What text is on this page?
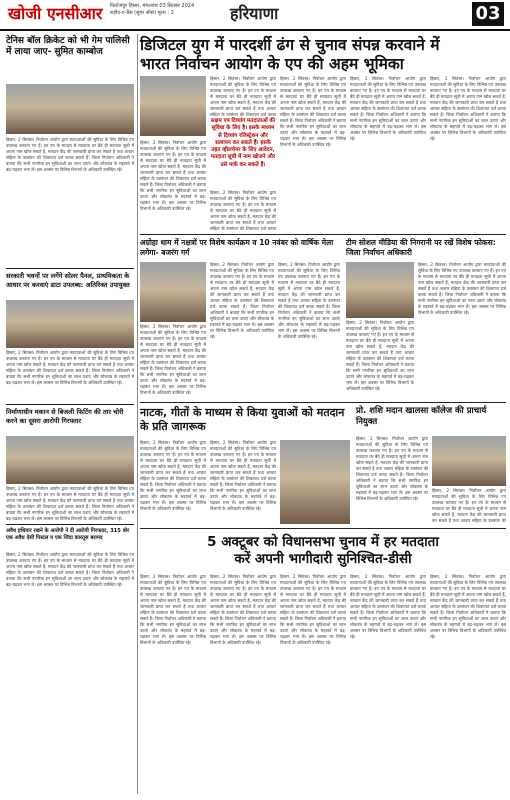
खोजी एनसीआर फिरोजपुर हिसार, मंगलवार 03 सितंबर 2024
शहीद-ए-ग्रैस (सुपर सीस) मूल्य : 2	हरियाणा	03
डिजिटल युग में पारदर्शी ढंग से चुनाव संपन्न करवाने में
भारत निर्वाचन आयोग के एप की अहम भूमिका
टेनिस बॉल क्रिकेट को भी गेम पालिसी में लाया जाए- सुमित काम्बोज
हिसार, 2 सितंबर। निर्वाचन आयोग द्वारा मतदाताओं की सुविधा के लिए विभिन्न एप उपलब्ध करवाए गए हैं। इन एप के माध्यम से मतदाता घर बैठे ही मतदाता सूची में अपना नाम खोज सकते हैं, मतदान केंद्र की जानकारी प्राप्त कर सकते हैं तथा आचार संहिता के उल्लंघन की शिकायत दर्ज करवा सकते हैं। जिला निर्वाचन अधिकारी ने बताया कि सभी नागरिक इन सुविधाओं का लाभ उठाएं और लोकतंत्र के महापर्व में बढ़-चढ़कर भाग लें। इस अवसर पर विभिन्न विभागों के अधिकारी उपस्थित रहे।
हिसार, 2 सितंबर। निर्वाचन आयोग द्वारा मतदाताओं की सुविधा के लिए विभिन्न एप उपलब्ध करवाए गए हैं। इन एप के माध्यम से मतदाता घर बैठे ही मतदाता सूची में अपना नाम खोज सकते हैं, मतदान केंद्र की जानकारी प्राप्त कर सकते हैं तथा आचार संहिता के उल्लंघन की शिकायत दर्ज करवा सकते हैं। जिला निर्वाचन अधिकारी ने बताया कि सभी नागरिक इन सुविधाओं का लाभ उठाएं और लोकतंत्र के महापर्व में बढ़-चढ़कर भाग लें। इस अवसर पर विभिन्न विभागों के अधिकारी उपस्थित रहे।
हिसार, 2 सितंबर। निर्वाचन आयोग द्वारा मतदाताओं की सुविधा के लिए विभिन्न एप उपलब्ध करवाए गए हैं। इन एप के माध्यम से मतदाता घर बैठे ही मतदाता सूची में अपना नाम खोज सकते हैं, मतदान केंद्र की जानकारी प्राप्त कर सकते हैं तथा आचार संहिता के उल्लंघन की शिकायत दर्ज करवा
सक्षम एप दिव्यांग मतदाताओं की सुविधा के लिए है। इसके माध्यम से दिव्यांग रजिस्ट्रेशन और सत्यापन कर सकते हैं। इसके तहत व्हीलचेयर के लिए आवेदन, मतदाता सूची में नाम खोजने और उसे मार्क कर सकते हैं।
हिसार, 2 सितंबर। निर्वाचन आयोग द्वारा मतदाताओं की सुविधा के लिए विभिन्न एप उपलब्ध करवाए गए हैं। इन एप के माध्यम से मतदाता घर बैठे ही मतदाता सूची में अपना नाम खोज सकते हैं, मतदान केंद्र की जानकारी प्राप्त कर सकते हैं तथा आचार संहिता के उल्लंघन की शिकायत दर्ज करवा
हिसार, 2 सितंबर। निर्वाचन आयोग द्वारा मतदाताओं की सुविधा के लिए विभिन्न एप उपलब्ध करवाए गए हैं। इन एप के माध्यम से मतदाता घर बैठे ही मतदाता सूची में अपना नाम खोज सकते हैं, मतदान केंद्र की जानकारी प्राप्त कर सकते हैं तथा आचार संहिता के उल्लंघन की शिकायत दर्ज करवा सकते हैं। जिला निर्वाचन अधिकारी ने बताया कि सभी नागरिक इन सुविधाओं का लाभ उठाएं और लोकतंत्र के महापर्व में बढ़-चढ़कर भाग लें। इस अवसर पर विभिन्न विभागों के अधिकारी उपस्थित रहे।
हिसार, 2 सितंबर। निर्वाचन आयोग द्वारा मतदाताओं की सुविधा के लिए विभिन्न एप उपलब्ध करवाए गए हैं। इन एप के माध्यम से मतदाता घर बैठे ही मतदाता सूची में अपना नाम खोज सकते हैं, मतदान केंद्र की जानकारी प्राप्त कर सकते हैं तथा आचार संहिता के उल्लंघन की शिकायत दर्ज करवा सकते हैं। जिला निर्वाचन अधिकारी ने बताया कि सभी नागरिक इन सुविधाओं का लाभ उठाएं और लोकतंत्र के महापर्व में बढ़-चढ़कर भाग लें। इस अवसर पर विभिन्न विभागों के अधिकारी उपस्थित रहे।
हिसार, 2 सितंबर। निर्वाचन आयोग द्वारा मतदाताओं की सुविधा के लिए विभिन्न एप उपलब्ध करवाए गए हैं। इन एप के माध्यम से मतदाता घर बैठे ही मतदाता सूची में अपना नाम खोज सकते हैं, मतदान केंद्र की जानकारी प्राप्त कर सकते हैं तथा आचार संहिता के उल्लंघन की शिकायत दर्ज करवा सकते हैं। जिला निर्वाचन अधिकारी ने बताया कि सभी नागरिक इन सुविधाओं का लाभ उठाएं और लोकतंत्र के महापर्व में बढ़-चढ़कर भाग लें। इस अवसर पर विभिन्न विभागों के अधिकारी उपस्थित रहे।
सरकारी भवनों पर लगेंगे सोलर पैनल, प्राथमिकता के आधार पर करवाएं डाटा उपलब्ध: अतिरिक्त उपायुक्त
हिसार, 2 सितंबर। निर्वाचन आयोग द्वारा मतदाताओं की सुविधा के लिए विभिन्न एप उपलब्ध करवाए गए हैं। इन एप के माध्यम से मतदाता घर बैठे ही मतदाता सूची में अपना नाम खोज सकते हैं, मतदान केंद्र की जानकारी प्राप्त कर सकते हैं तथा आचार संहिता के उल्लंघन की शिकायत दर्ज करवा सकते हैं। जिला निर्वाचन अधिकारी ने बताया कि सभी नागरिक इन सुविधाओं का लाभ उठाएं और लोकतंत्र के महापर्व में बढ़-चढ़कर भाग लें। इस अवसर पर विभिन्न विभागों के अधिकारी उपस्थित रहे।
निर्माणाधीन मकान से बिजली फिटिंग की तार चोरी करने का दूसरा आरोपी गिरफ्तार
हिसार, 2 सितंबर। निर्वाचन आयोग द्वारा मतदाताओं की सुविधा के लिए विभिन्न एप उपलब्ध करवाए गए हैं। इन एप के माध्यम से मतदाता घर बैठे ही मतदाता सूची में अपना नाम खोज सकते हैं, मतदान केंद्र की जानकारी प्राप्त कर सकते हैं तथा आचार संहिता के उल्लंघन की शिकायत दर्ज करवा सकते हैं। जिला निर्वाचन अधिकारी ने बताया कि सभी नागरिक इन सुविधाओं का लाभ उठाएं और लोकतंत्र के महापर्व में बढ़-चढ़कर भाग लें। इस अवसर पर विभिन्न विभागों के अधिकारी उपस्थित रहे।
अवैध हथियार रखने के आरोपी ने दी आरोपी गिरफ्तार, 315 बोर एक अवैध देसी पिस्टल व एक जिंदा कारतूस बरामद
हिसार, 2 सितंबर। निर्वाचन आयोग द्वारा मतदाताओं की सुविधा के लिए विभिन्न एप उपलब्ध करवाए गए हैं। इन एप के माध्यम से मतदाता घर बैठे ही मतदाता सूची में अपना नाम खोज सकते हैं, मतदान केंद्र की जानकारी प्राप्त कर सकते हैं तथा आचार संहिता के उल्लंघन की शिकायत दर्ज करवा सकते हैं। जिला निर्वाचन अधिकारी ने बताया कि सभी नागरिक इन सुविधाओं का लाभ उठाएं और लोकतंत्र के महापर्व में बढ़-चढ़कर भाग लें। इस अवसर पर विभिन्न विभागों के अधिकारी उपस्थित रहे।
अग्रोहा धाम में नक्षत्रों पर विशेष कार्यक्रम व 10 नवंबर को वार्षिक मेला लगेगा- बजरंग गर्ग
हिसार, 2 सितंबर। निर्वाचन आयोग द्वारा मतदाताओं की सुविधा के लिए विभिन्न एप उपलब्ध करवाए गए हैं। इन एप के माध्यम से मतदाता घर बैठे ही मतदाता सूची में अपना नाम खोज सकते हैं, मतदान केंद्र की जानकारी प्राप्त कर सकते हैं तथा आचार संहिता के उल्लंघन की शिकायत दर्ज करवा सकते हैं। जिला निर्वाचन अधिकारी ने बताया कि सभी नागरिक इन सुविधाओं का लाभ उठाएं और लोकतंत्र के महापर्व में बढ़-चढ़कर भाग लें। इस अवसर पर विभिन्न विभागों के अधिकारी उपस्थित रहे।
हिसार, 2 सितंबर। निर्वाचन आयोग द्वारा मतदाताओं की सुविधा के लिए विभिन्न एप उपलब्ध करवाए गए हैं। इन एप के माध्यम से मतदाता घर बैठे ही मतदाता सूची में अपना नाम खोज सकते हैं, मतदान केंद्र की जानकारी प्राप्त कर सकते हैं तथा आचार संहिता के उल्लंघन की शिकायत दर्ज करवा सकते हैं। जिला निर्वाचन अधिकारी ने बताया कि सभी नागरिक इन सुविधाओं का लाभ उठाएं और लोकतंत्र के महापर्व में बढ़-चढ़कर भाग लें। इस अवसर पर विभिन्न विभागों के अधिकारी उपस्थित रहे।
हिसार, 2 सितंबर। निर्वाचन आयोग द्वारा मतदाताओं की सुविधा के लिए विभिन्न एप उपलब्ध करवाए गए हैं। इन एप के माध्यम से मतदाता घर बैठे ही मतदाता सूची में अपना नाम खोज सकते हैं, मतदान केंद्र की जानकारी प्राप्त कर सकते हैं तथा आचार संहिता के उल्लंघन की शिकायत दर्ज करवा सकते हैं। जिला निर्वाचन अधिकारी ने बताया कि सभी नागरिक इन सुविधाओं का लाभ उठाएं और लोकतंत्र के महापर्व में बढ़-चढ़कर भाग लें। इस अवसर पर विभिन्न विभागों के अधिकारी उपस्थित रहे।
टीम सोशल मीडिया की निगरानी पर रखें विशेष फोकस: जिला निर्वाचन अधिकारी
हिसार, 2 सितंबर। निर्वाचन आयोग द्वारा मतदाताओं की सुविधा के लिए विभिन्न एप उपलब्ध करवाए गए हैं। इन एप के माध्यम से मतदाता घर बैठे ही मतदाता सूची में अपना नाम खोज सकते हैं, मतदान केंद्र की जानकारी प्राप्त कर सकते हैं तथा आचार संहिता के उल्लंघन की शिकायत दर्ज करवा सकते हैं। जिला निर्वाचन अधिकारी ने बताया कि सभी नागरिक इन सुविधाओं का लाभ उठाएं और लोकतंत्र के महापर्व में बढ़-चढ़कर भाग लें। इस अवसर पर विभिन्न विभागों के अधिकारी उपस्थित रहे।
हिसार, 2 सितंबर। निर्वाचन आयोग द्वारा मतदाताओं की सुविधा के लिए विभिन्न एप उपलब्ध करवाए गए हैं। इन एप के माध्यम से मतदाता घर बैठे ही मतदाता सूची में अपना नाम खोज सकते हैं, मतदान केंद्र की जानकारी प्राप्त कर सकते हैं तथा आचार संहिता के उल्लंघन की शिकायत दर्ज करवा सकते हैं। जिला निर्वाचन अधिकारी ने बताया कि सभी नागरिक इन सुविधाओं का लाभ उठाएं और लोकतंत्र के महापर्व में बढ़-चढ़कर भाग लें। इस अवसर पर विभिन्न विभागों के अधिकारी उपस्थित रहे।
नाटक, गीतों के माध्यम से किया युवाओं को मतदान के प्रति जागरूक
हिसार, 2 सितंबर। निर्वाचन आयोग द्वारा मतदाताओं की सुविधा के लिए विभिन्न एप उपलब्ध करवाए गए हैं। इन एप के माध्यम से मतदाता घर बैठे ही मतदाता सूची में अपना नाम खोज सकते हैं, मतदान केंद्र की जानकारी प्राप्त कर सकते हैं तथा आचार संहिता के उल्लंघन की शिकायत दर्ज करवा सकते हैं। जिला निर्वाचन अधिकारी ने बताया कि सभी नागरिक इन सुविधाओं का लाभ उठाएं और लोकतंत्र के महापर्व में बढ़-चढ़कर भाग लें। इस अवसर पर विभिन्न विभागों के अधिकारी उपस्थित रहे।
हिसार, 2 सितंबर। निर्वाचन आयोग द्वारा मतदाताओं की सुविधा के लिए विभिन्न एप उपलब्ध करवाए गए हैं। इन एप के माध्यम से मतदाता घर बैठे ही मतदाता सूची में अपना नाम खोज सकते हैं, मतदान केंद्र की जानकारी प्राप्त कर सकते हैं तथा आचार संहिता के उल्लंघन की शिकायत दर्ज करवा सकते हैं। जिला निर्वाचन अधिकारी ने बताया कि सभी नागरिक इन सुविधाओं का लाभ उठाएं और लोकतंत्र के महापर्व में बढ़-चढ़कर भाग लें। इस अवसर पर विभिन्न विभागों के अधिकारी उपस्थित रहे।
प्रो. शशि मदान खालसा कॉलेज की प्राचार्य नियुक्त
हिसार, 2 सितंबर। निर्वाचन आयोग द्वारा मतदाताओं की सुविधा के लिए विभिन्न एप उपलब्ध करवाए गए हैं। इन एप के माध्यम से मतदाता घर बैठे ही मतदाता सूची में अपना नाम खोज सकते हैं, मतदान केंद्र की जानकारी प्राप्त कर सकते हैं तथा आचार संहिता के उल्लंघन की शिकायत दर्ज करवा सकते हैं। जिला निर्वाचन अधिकारी ने बताया कि सभी नागरिक इन सुविधाओं का लाभ उठाएं और लोकतंत्र के महापर्व में बढ़-चढ़कर भाग लें। इस अवसर पर विभिन्न विभागों के अधिकारी उपस्थित रहे।
हिसार, 2 सितंबर। निर्वाचन आयोग द्वारा मतदाताओं की सुविधा के लिए विभिन्न एप उपलब्ध करवाए गए हैं। इन एप के माध्यम से मतदाता घर बैठे ही मतदाता सूची में अपना नाम खोज सकते हैं, मतदान केंद्र की जानकारी प्राप्त कर सकते हैं तथा आचार संहिता के उल्लंघन की
5 अक्टूबर को विधानसभा चुनाव में हर मतदाता
करें अपनी भागीदारी सुनिश्चित-डीसी
हिसार, 2 सितंबर। निर्वाचन आयोग द्वारा मतदाताओं की सुविधा के लिए विभिन्न एप उपलब्ध करवाए गए हैं। इन एप के माध्यम से मतदाता घर बैठे ही मतदाता सूची में अपना नाम खोज सकते हैं, मतदान केंद्र की जानकारी प्राप्त कर सकते हैं तथा आचार संहिता के उल्लंघन की शिकायत दर्ज करवा सकते हैं। जिला निर्वाचन अधिकारी ने बताया कि सभी नागरिक इन सुविधाओं का लाभ उठाएं और लोकतंत्र के महापर्व में बढ़-चढ़कर भाग लें। इस अवसर पर विभिन्न विभागों के अधिकारी उपस्थित रहे।
हिसार, 2 सितंबर। निर्वाचन आयोग द्वारा मतदाताओं की सुविधा के लिए विभिन्न एप उपलब्ध करवाए गए हैं। इन एप के माध्यम से मतदाता घर बैठे ही मतदाता सूची में अपना नाम खोज सकते हैं, मतदान केंद्र की जानकारी प्राप्त कर सकते हैं तथा आचार संहिता के उल्लंघन की शिकायत दर्ज करवा सकते हैं। जिला निर्वाचन अधिकारी ने बताया कि सभी नागरिक इन सुविधाओं का लाभ उठाएं और लोकतंत्र के महापर्व में बढ़-चढ़कर भाग लें। इस अवसर पर विभिन्न विभागों के अधिकारी उपस्थित रहे।
हिसार, 2 सितंबर। निर्वाचन आयोग द्वारा मतदाताओं की सुविधा के लिए विभिन्न एप उपलब्ध करवाए गए हैं। इन एप के माध्यम से मतदाता घर बैठे ही मतदाता सूची में अपना नाम खोज सकते हैं, मतदान केंद्र की जानकारी प्राप्त कर सकते हैं तथा आचार संहिता के उल्लंघन की शिकायत दर्ज करवा सकते हैं। जिला निर्वाचन अधिकारी ने बताया कि सभी नागरिक इन सुविधाओं का लाभ उठाएं और लोकतंत्र के महापर्व में बढ़-चढ़कर भाग लें। इस अवसर पर विभिन्न विभागों के अधिकारी उपस्थित रहे।
हिसार, 2 सितंबर। निर्वाचन आयोग द्वारा मतदाताओं की सुविधा के लिए विभिन्न एप उपलब्ध करवाए गए हैं। इन एप के माध्यम से मतदाता घर बैठे ही मतदाता सूची में अपना नाम खोज सकते हैं, मतदान केंद्र की जानकारी प्राप्त कर सकते हैं तथा आचार संहिता के उल्लंघन की शिकायत दर्ज करवा सकते हैं। जिला निर्वाचन अधिकारी ने बताया कि सभी नागरिक इन सुविधाओं का लाभ उठाएं और लोकतंत्र के महापर्व में बढ़-चढ़कर भाग लें। इस अवसर पर विभिन्न विभागों के अधिकारी उपस्थित रहे।
हिसार, 2 सितंबर। निर्वाचन आयोग द्वारा मतदाताओं की सुविधा के लिए विभिन्न एप उपलब्ध करवाए गए हैं। इन एप के माध्यम से मतदाता घर बैठे ही मतदाता सूची में अपना नाम खोज सकते हैं, मतदान केंद्र की जानकारी प्राप्त कर सकते हैं तथा आचार संहिता के उल्लंघन की शिकायत दर्ज करवा सकते हैं। जिला निर्वाचन अधिकारी ने बताया कि सभी नागरिक इन सुविधाओं का लाभ उठाएं और लोकतंत्र के महापर्व में बढ़-चढ़कर भाग लें। इस अवसर पर विभिन्न विभागों के अधिकारी उपस्थित रहे।
